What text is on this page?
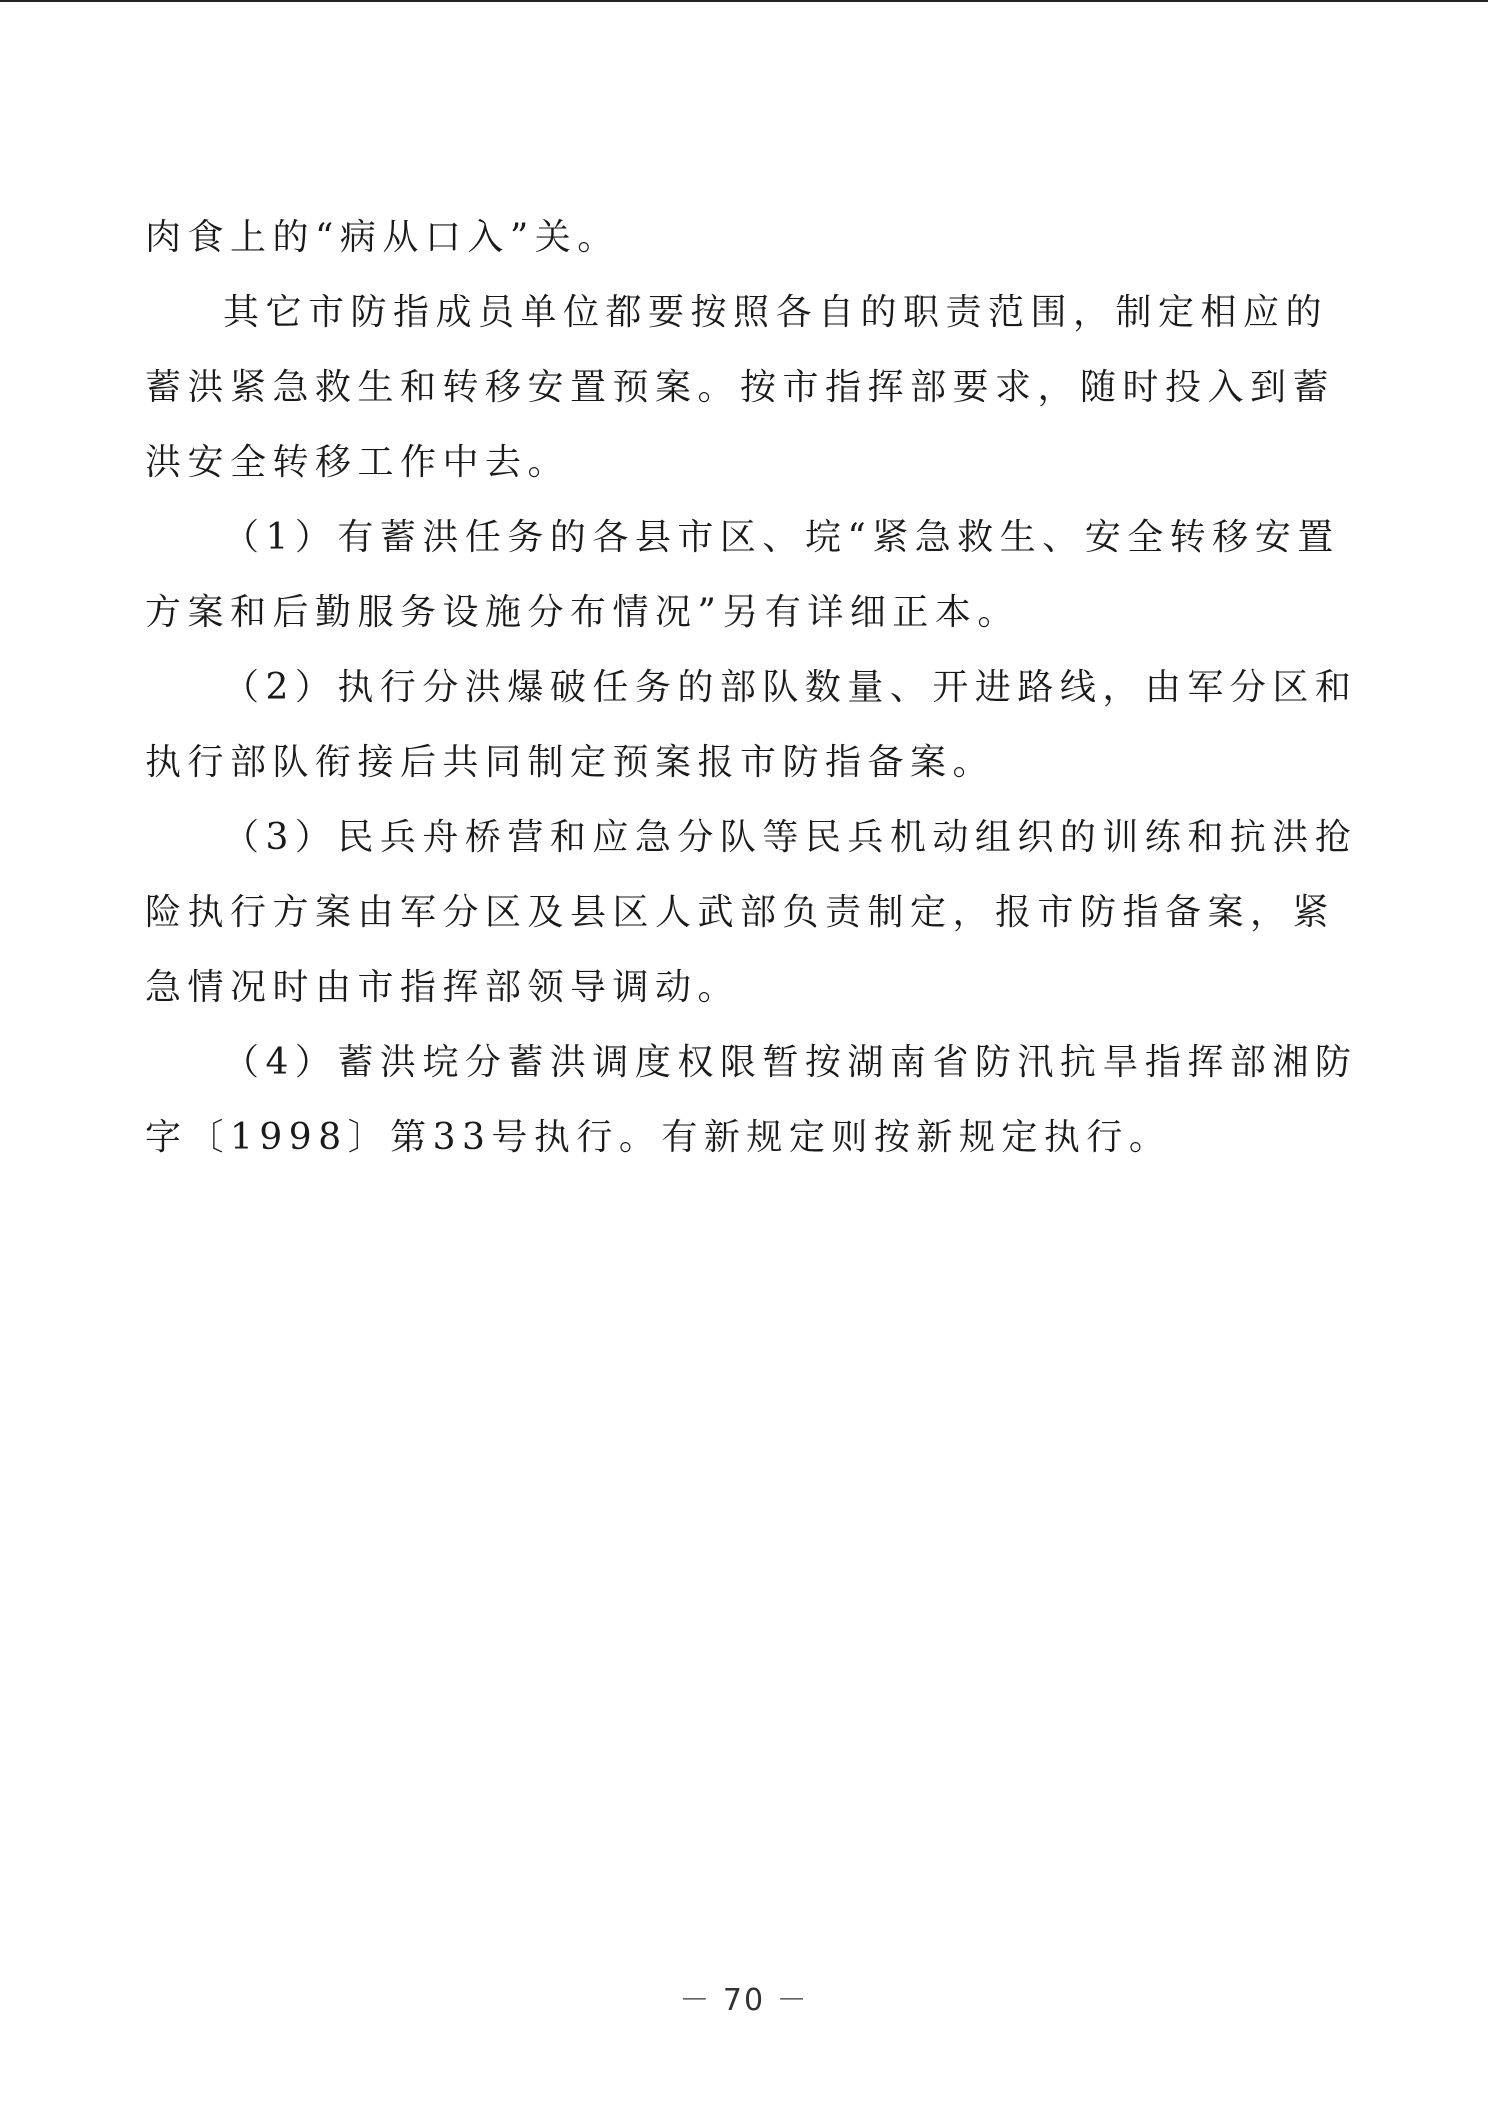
肉食上的“病从口入”关。
其它市防指成员单位都要按照各自的职责范围，制定相应的
蓄洪紧急救生和转移安置预案。按市指挥部要求，随时投入到蓄
洪安全转移工作中去。
（1）有蓄洪任务的各县市区、垸“紧急救生、安全转移安置
方案和后勤服务设施分布情况”另有详细正本。
（2）执行分洪爆破任务的部队数量、开进路线，由军分区和
执行部队衔接后共同制定预案报市防指备案。
（3）民兵舟桥营和应急分队等民兵机动组织的训练和抗洪抢
险执行方案由军分区及县区人武部负责制定，报市防指备案，紧
急情况时由市指挥部领导调动。
（4）蓄洪垸分蓄洪调度权限暂按湖南省防汛抗旱指挥部湘防
字〔1998〕第33号执行。有新规定则按新规定执行。
－ 70 －
